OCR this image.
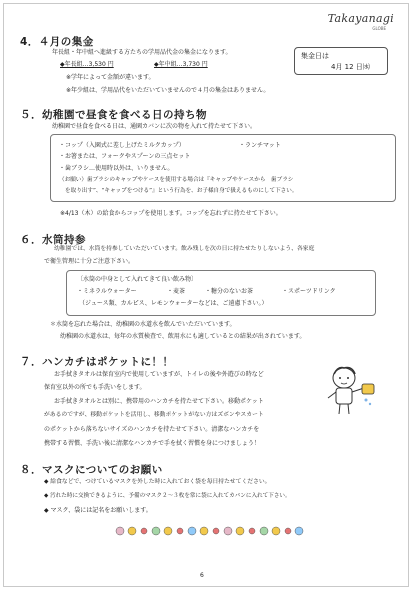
Takayanagi
GLOBE
4．４月の集金
年長組・年中組へ進級する方たちの学用品代金の集金になります。
◆年長組…3,530 円	◆年中組…3,730 円
※学年によって金額が違います。
※年少組は、学用品代をいただいていませんので４月の集金はありません。
集金日は
4月 12 日㈬
５．幼稚園で昼食を食べる日の持ち物
幼稚園で昼食を食べる日は、通園カバンに次の物を入れて持たせて下さい。
・コップ（入園式に差し上げたミルクカップ）	・ランチマット
・お箸または、フォークやスプーンの三点セット
・歯ブラシ…使用時以外は、いりません。
（お願い）歯ブラシのキャップやケースを使用する場合は『キャップやケースから　歯ブラシ
を取り出す”、“キャップをつける”』という行為を、お子様自身で扱えるものにして下さい。
※4/13（木）の給食からコップを使用します。コップを忘れずに持たせて下さい。
６．水筒持参
幼稚園では、水筒を持参していただいています。飲み残しを次の日に持たせたりしないよう、各家庭
で衛生管理に十分ご注意下さい。
〔水筒の中身として入れてきて良い飲み物〕
・ミネラルウォーター	・麦茶	・糖分のないお茶	・スポーツドリンク
（ジュース類、カルピス、レモンウォーターなどは、ご遠慮下さい。）
＊水筒を忘れた場合は、幼稚園の水道水を飲んでいただいています。
幼稚園の水道水は、毎年の水質検査で、飲用水にも適しているとの結果が出されています。
７．ハンカチはポケットに！！
お手拭きタオルは保育室内で使用していますが、トイレの後や外遊びの時など
保育室以外の所でも手洗いをします。
お手拭きタオルとは別に、携帯用のハンカチを持たせて下さい。移動ポケット
があるのですが、移動ポケットを活用し、移動ポケットがない方はズボンやスカート
のポケットから落ちないサイズのハンカチを持たせて下さい。清潔なハンカチを
携帯する習慣、手洗い後に清潔なハンカチで手を拭く習慣を身につけましょう！
８．マスクについてのお願い
◆ 給食などで、つけているマスクを外した時に入れておく袋を毎日持たせてください。
◆ 汚れた時に交換できるように、予備のマスク２～３枚を常に袋に入れてカバンに入れて下さい。
◆ マスク、袋には記名をお願いします。
6
